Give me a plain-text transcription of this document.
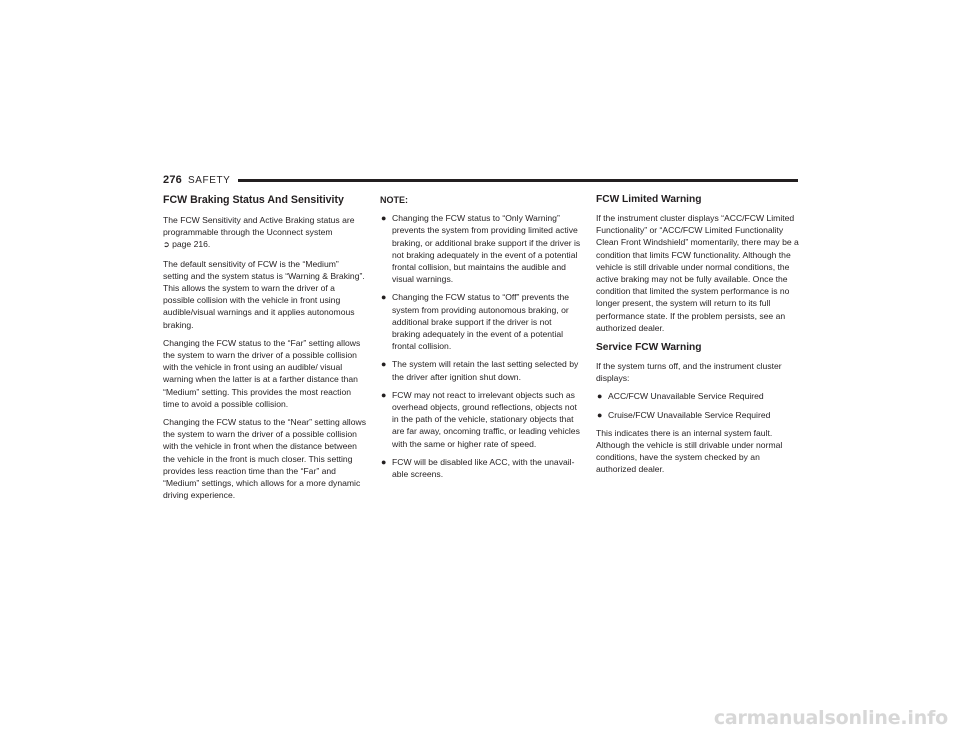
276 SAFETY
FCW Braking Status And Sensitivity

The FCW Sensitivity and Active Braking status are programmable through the Uconnect system
➲ page 216.

The default sensitivity of FCW is the “Medium” setting and the system status is “Warning & Braking”. This allows the system to warn the driver of a possible collision with the vehicle in front using audible/visual warnings and it applies autonomous braking.

Changing the FCW status to the “Far” setting allows the system to warn the driver of a possible collision with the vehicle in front using an audible/ visual warning when the latter is at a farther distance than “Medium” setting. This provides the most reaction time to avoid a possible collision.

Changing the FCW status to the “Near” setting allows the system to warn the driver of a possible collision with the vehicle in front when the distance between the vehicle in the front is much closer. This setting provides less reaction time than the “Far” and “Medium” settings, which allows for a more dynamic driving experience.

NOTE:
● Changing the FCW status to “Only Warning” prevents the system from providing limited active braking, or additional brake support if the driver is not braking adequately in the event of a potential frontal collision, but maintains the audible and visual warnings.
● Changing the FCW status to “Off” prevents the system from providing autonomous braking, or additional brake support if the driver is not braking adequately in the event of a potential frontal collision.
● The system will retain the last setting selected by the driver after ignition shut down.
● FCW may not react to irrelevant objects such as overhead objects, ground reflections, objects not in the path of the vehicle, stationary objects that are far away, oncoming traffic, or leading vehicles with the same or higher rate of speed.
● FCW will be disabled like ACC, with the unavail- able screens.
FCW Limited Warning

If the instrument cluster displays “ACC/FCW Limited Functionality” or “ACC/FCW Limited Functionality Clean Front Windshield” momentarily, there may be a condition that limits FCW functionality. Although the vehicle is still drivable under normal conditions, the active braking may not be fully available. Once the condition that limited the system performance is no longer present, the system will return to its full performance state. If the problem persists, see an authorized dealer.

Service FCW Warning

If the system turns off, and the instrument cluster displays:

● ACC/FCW Unavailable Service Required
● Cruise/FCW Unavailable Service Required

This indicates there is an internal system fault. Although the vehicle is still drivable under normal conditions, have the system checked by an authorized dealer.

carmanualsonline.info
